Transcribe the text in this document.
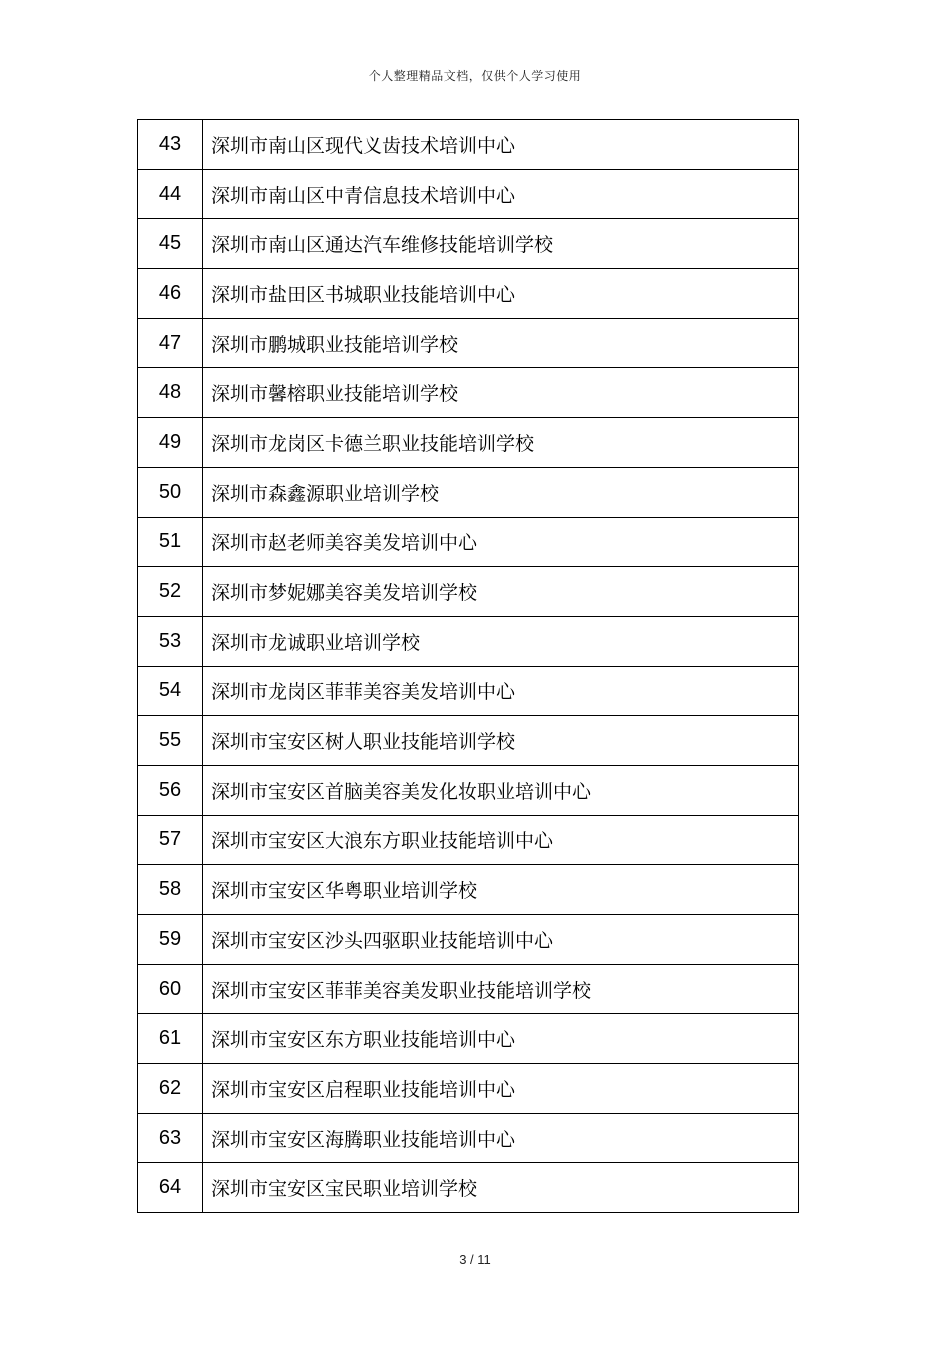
个人整理精品文档，仅供个人学习使用
43	深圳市南山区现代义齿技术培训中心
44	深圳市南山区中青信息技术培训中心
45	深圳市南山区通达汽车维修技能培训学校
46	深圳市盐田区书城职业技能培训中心
47	深圳市鹏城职业技能培训学校
48	深圳市馨榕职业技能培训学校
49	深圳市龙岗区卡德兰职业技能培训学校
50	深圳市森鑫源职业培训学校
51	深圳市赵老师美容美发培训中心
52	深圳市梦妮娜美容美发培训学校
53	深圳市龙诚职业培训学校
54	深圳市龙岗区菲菲美容美发培训中心
55	深圳市宝安区树人职业技能培训学校
56	深圳市宝安区首脑美容美发化妆职业培训中心
57	深圳市宝安区大浪东方职业技能培训中心
58	深圳市宝安区华粤职业培训学校
59	深圳市宝安区沙头四驱职业技能培训中心
60	深圳市宝安区菲菲美容美发职业技能培训学校
61	深圳市宝安区东方职业技能培训中心
62	深圳市宝安区启程职业技能培训中心
63	深圳市宝安区海腾职业技能培训中心
64	深圳市宝安区宝民职业培训学校
3 / 11
